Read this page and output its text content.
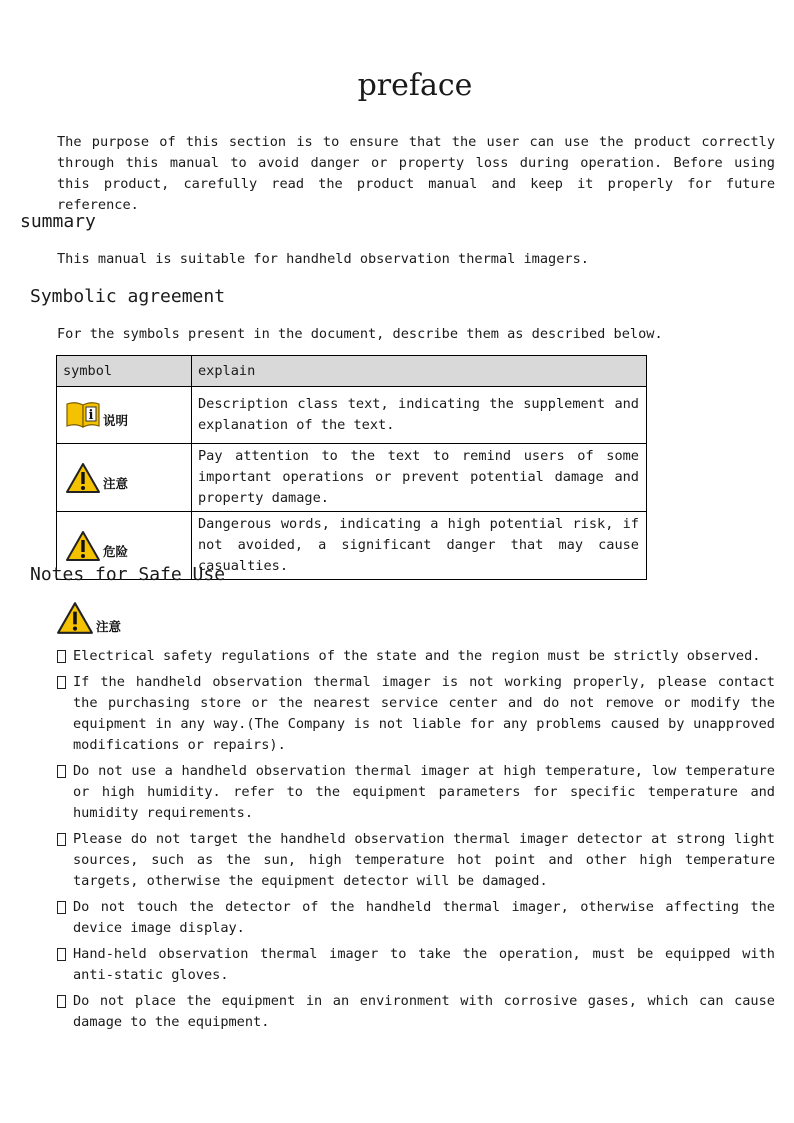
preface
The purpose of this section is to ensure that the user can use the product correctly through this manual to avoid danger or property loss during operation. Before using this product, carefully read the product manual and keep it properly for future reference.
summary
This manual is suitable for handheld observation thermal imagers.
Symbolic agreement
For the symbols present in the document, describe them as described below.
symbol	explain

i 说明	Description class text, indicating the supplement and explanation of the text.

注意	Pay attention to the text to remind users of some important operations or prevent potential damage and property damage.

危险	Dangerous words, indicating a high potential risk, if not avoided, a significant danger that may cause casualties.
Notes for Safe Use
注意
Electrical safety regulations of the state and the region must be strictly observed.
If the handheld observation thermal imager is not working properly, please contact the purchasing store or the nearest service center and do not remove or modify the equipment in any way.(The Company is not liable for any problems caused by unapproved modifications or repairs).
Do not use a handheld observation thermal imager at high temperature, low temperature or high humidity. refer to the equipment parameters for specific temperature and humidity requirements.
Please do not target the handheld observation thermal imager detector at strong light sources, such as the sun, high temperature hot point and other high temperature targets, otherwise the equipment detector will be damaged.
Do not touch the detector of the handheld thermal imager, otherwise affecting the device image display.
Hand-held observation thermal imager to take the operation, must be equipped with anti-static gloves.
Do not place the equipment in an environment with corrosive gases, which can cause damage to the equipment.
